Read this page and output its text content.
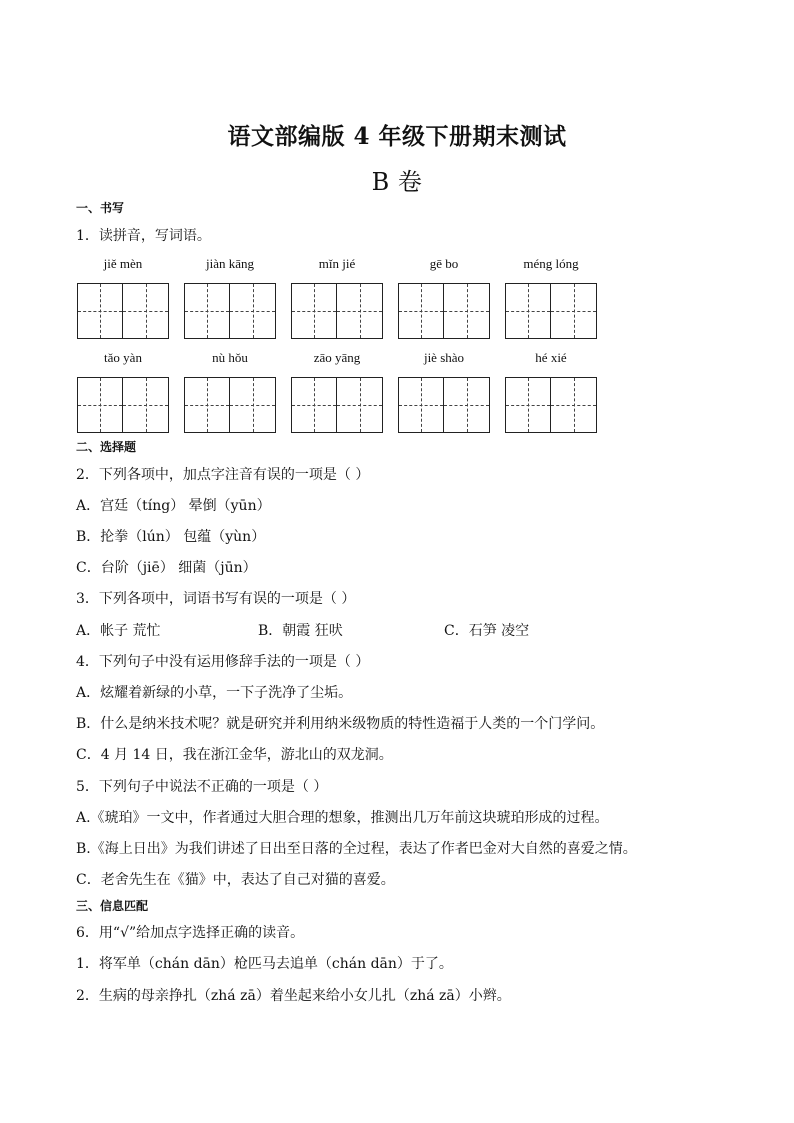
语文部编版 4 年级下册期末测试
B 卷
一、书写
1．读拼音，写词语。
jiě mèn	jiàn kāng	mǐn jié	gē bo	méng lóng
tǎo yàn	nù hǒu	zāo yāng	jiè shào	hé xié
二、选择题
2．下列各项中，加点字注音有误的一项是（ ）
A．宫廷（tíng） 晕倒（yūn）
B．抡拳（lún） 包蕴（yùn）
C．台阶（jiē） 细菌（jūn）
3．下列各项中，词语书写有误的一项是（ ）
A．帐子 荒忙	B．朝霞 狂吠	C．石笋 凌空
4．下列句子中没有运用修辞手法的一项是（ ）
A．炫耀着新绿的小草，一下子洗净了尘垢。
B．什么是纳米技术呢？就是研究并利用纳米级物质的特性造福于人类的一个门学问。
C．4 月 14 日，我在浙江金华，游北山的双龙洞。
5．下列句子中说法不正确的一项是（ ）
A.《琥珀》一文中，作者通过大胆合理的想象，推测出几万年前这块琥珀形成的过程。
B.《海上日出》为我们讲述了日出至日落的全过程，表达了作者巴金对大自然的喜爱之情。
C．老舍先生在《猫》中，表达了自己对猫的喜爱。
三、信息匹配
6．用“√”给加点字选择正确的读音。
1．将军单（chán dān）枪匹马去追单（chán dān）于了。
2．生病的母亲挣扎（zhá zā）着坐起来给小女儿扎（zhá zā）小辫。
